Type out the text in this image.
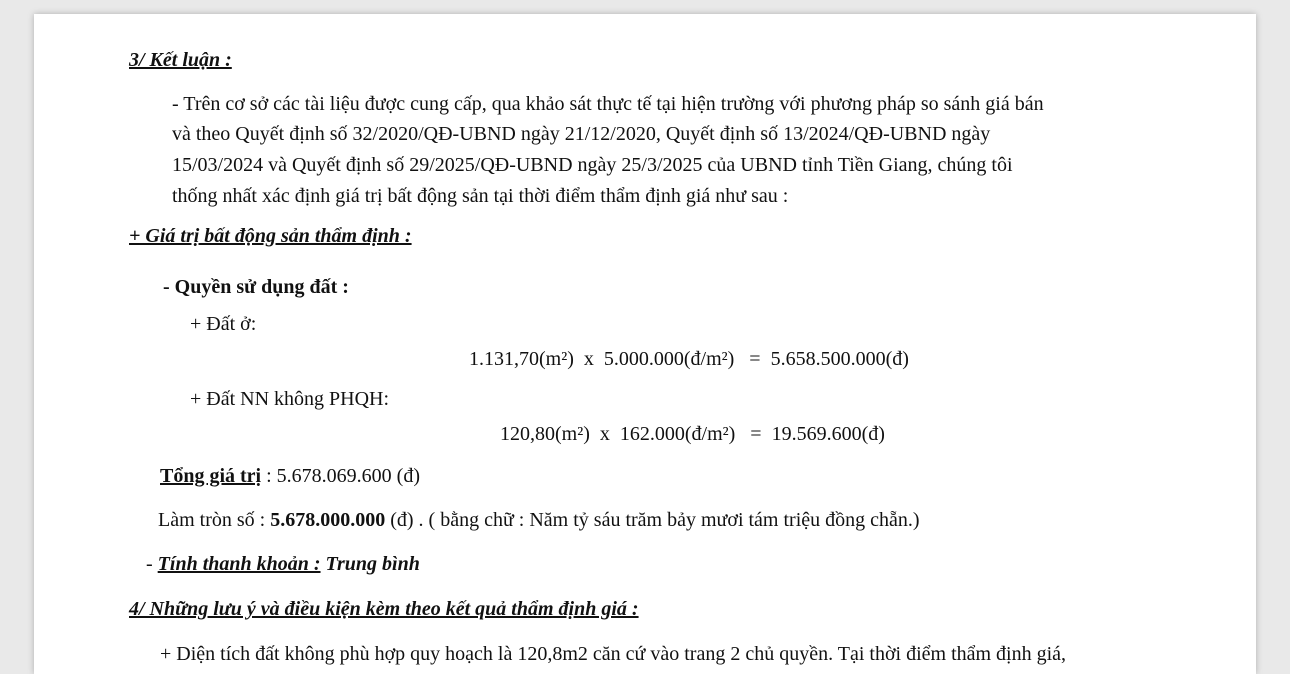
3/ Kết luận :
- Trên cơ sở các tài liệu được cung cấp, qua khảo sát thực tế tại hiện trường với phương pháp so sánh giá bán
và theo Quyết định số 32/2020/QĐ-UBND ngày 21/12/2020, Quyết định số 13/2024/QĐ-UBND ngày
15/03/2024 và Quyết định số 29/2025/QĐ-UBND ngày 25/3/2025 của UBND tỉnh Tiền Giang, chúng tôi
thống nhất xác định giá trị bất động sản tại thời điểm thẩm định giá như sau :
+ Giá trị bất động sản thẩm định :
- Quyền sử dụng đất :
+ Đất ở:
1.131,70(m²)  x  5.000.000(đ/m²)   =  5.658.500.000(đ)
+ Đất NN không PHQH:
120,80(m²)  x  162.000(đ/m²)   =  19.569.600(đ)
Tổng giá trị : 5.678.069.600 (đ)
Làm tròn số : 5.678.000.000 (đ) . ( bằng chữ : Năm tỷ sáu trăm bảy mươi tám triệu đồng chẵn.)
- Tính thanh khoản : Trung bình
4/ Những lưu ý và điều kiện kèm theo kết quả thẩm định giá :
+ Diện tích đất không phù hợp quy hoạch là 120,8m2 căn cứ vào trang 2 chủ quyền. Tại thời điểm thẩm định giá,
